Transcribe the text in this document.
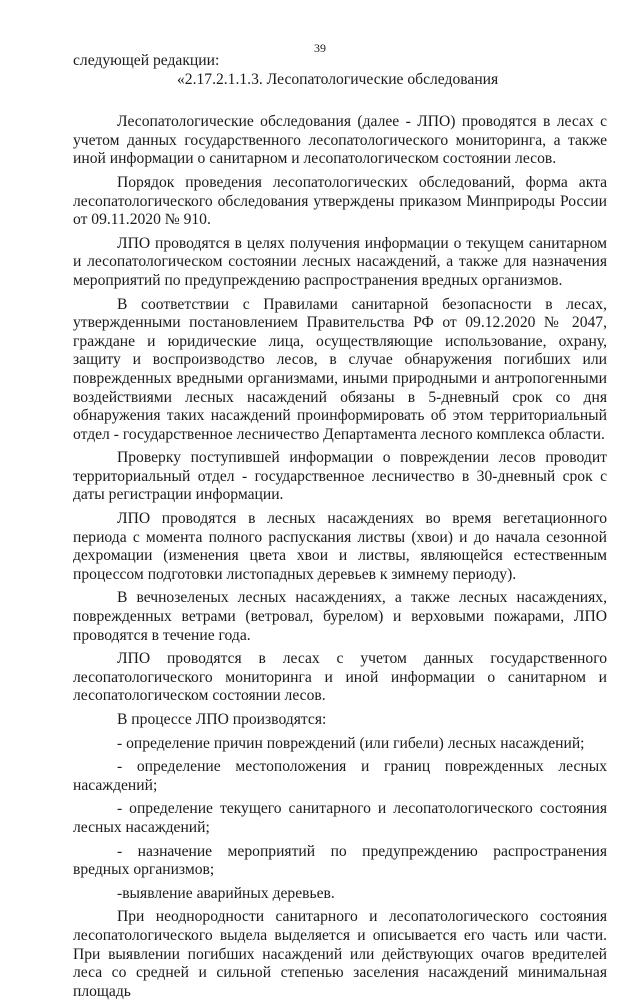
39

следующей редакции:

«2.17.2.1.1.3. Лесопатологические обследования

Лесопатологические обследования (далее - ЛПО) проводятся в лесах с учетом данных государственного лесопатологического мониторинга, а также иной информации о санитарном и лесопатологическом состоянии лесов.

Порядок проведения лесопатологических обследований, форма акта лесопатологического обследования утверждены приказом Минприроды России от 09.11.2020 № 910.

ЛПО проводятся в целях получения информации о текущем санитарном и лесопатологическом состоянии лесных насаждений, а также для назначения мероприятий по предупреждению распространения вредных организмов.

В соответствии с Правилами санитарной безопасности в лесах, утвержденными постановлением Правительства РФ от 09.12.2020 № 2047, граждане и юридические лица, осуществляющие использование, охрану, защиту и воспроизводство лесов, в случае обнаружения погибших или поврежденных вредными организмами, иными природными и антропогенными воздействиями лесных насаждений обязаны в 5-дневный срок со дня обнаружения таких насаждений проинформировать об этом территориальный отдел - государственное лесничество Департамента лесного комплекса области.

Проверку поступившей информации о повреждении лесов проводит территориальный отдел - государственное лесничество в 30-дневный срок с даты регистрации информации.

ЛПО проводятся в лесных насаждениях во время вегетационного периода с момента полного распускания листвы (хвои) и до начала сезонной дехромации (изменения цвета хвои и листвы, являющейся естественным процессом подготовки листопадных деревьев к зимнему периоду).

В вечнозеленых лесных насаждениях, а также лесных насаждениях, поврежденных ветрами (ветровал, бурелом) и верховыми пожарами, ЛПО проводятся в течение года.

ЛПО проводятся в лесах с учетом данных государственного лесопатологического мониторинга и иной информации о санитарном и лесопатологическом состоянии лесов.

В процессе ЛПО производятся:

- определение причин повреждений (или гибели) лесных насаждений;

- определение местоположения и границ поврежденных лесных насаждений;

- определение текущего санитарного и лесопатологического состояния лесных насаждений;

- назначение мероприятий по предупреждению распространения вредных организмов;

-выявление аварийных деревьев.

При неоднородности санитарного и лесопатологического состояния лесопатологического выдела выделяется и описывается его часть или части. При выявлении погибших насаждений или действующих очагов вредителей леса со средней и сильной степенью заселения насаждений минимальная площадь
